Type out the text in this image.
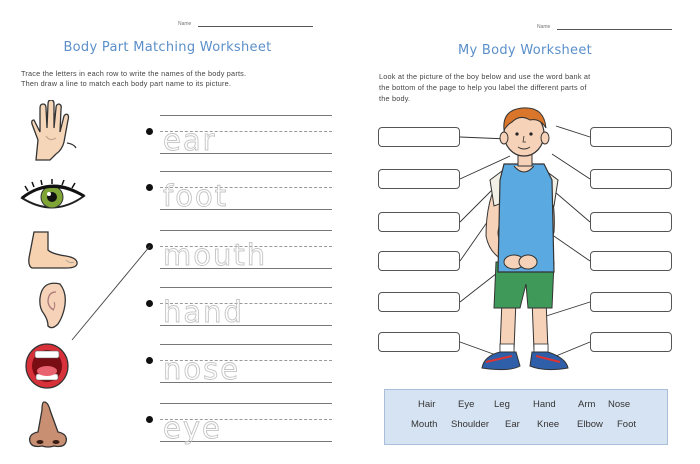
Name
Body Part Matching Worksheet
Trace the letters in each row to write the names of the body parts.
Then draw a line to match each body part name to its picture.
ear
foot
mouth
hand
nose
eye
Name
My Body Worksheet
Look at the picture of the boy below and use the word bank at
the bottom of the page to help you label the different parts of
the body.
Hair Eye Leg Hand Arm Nose
Mouth Shoulder Ear Knee Elbow Foot
